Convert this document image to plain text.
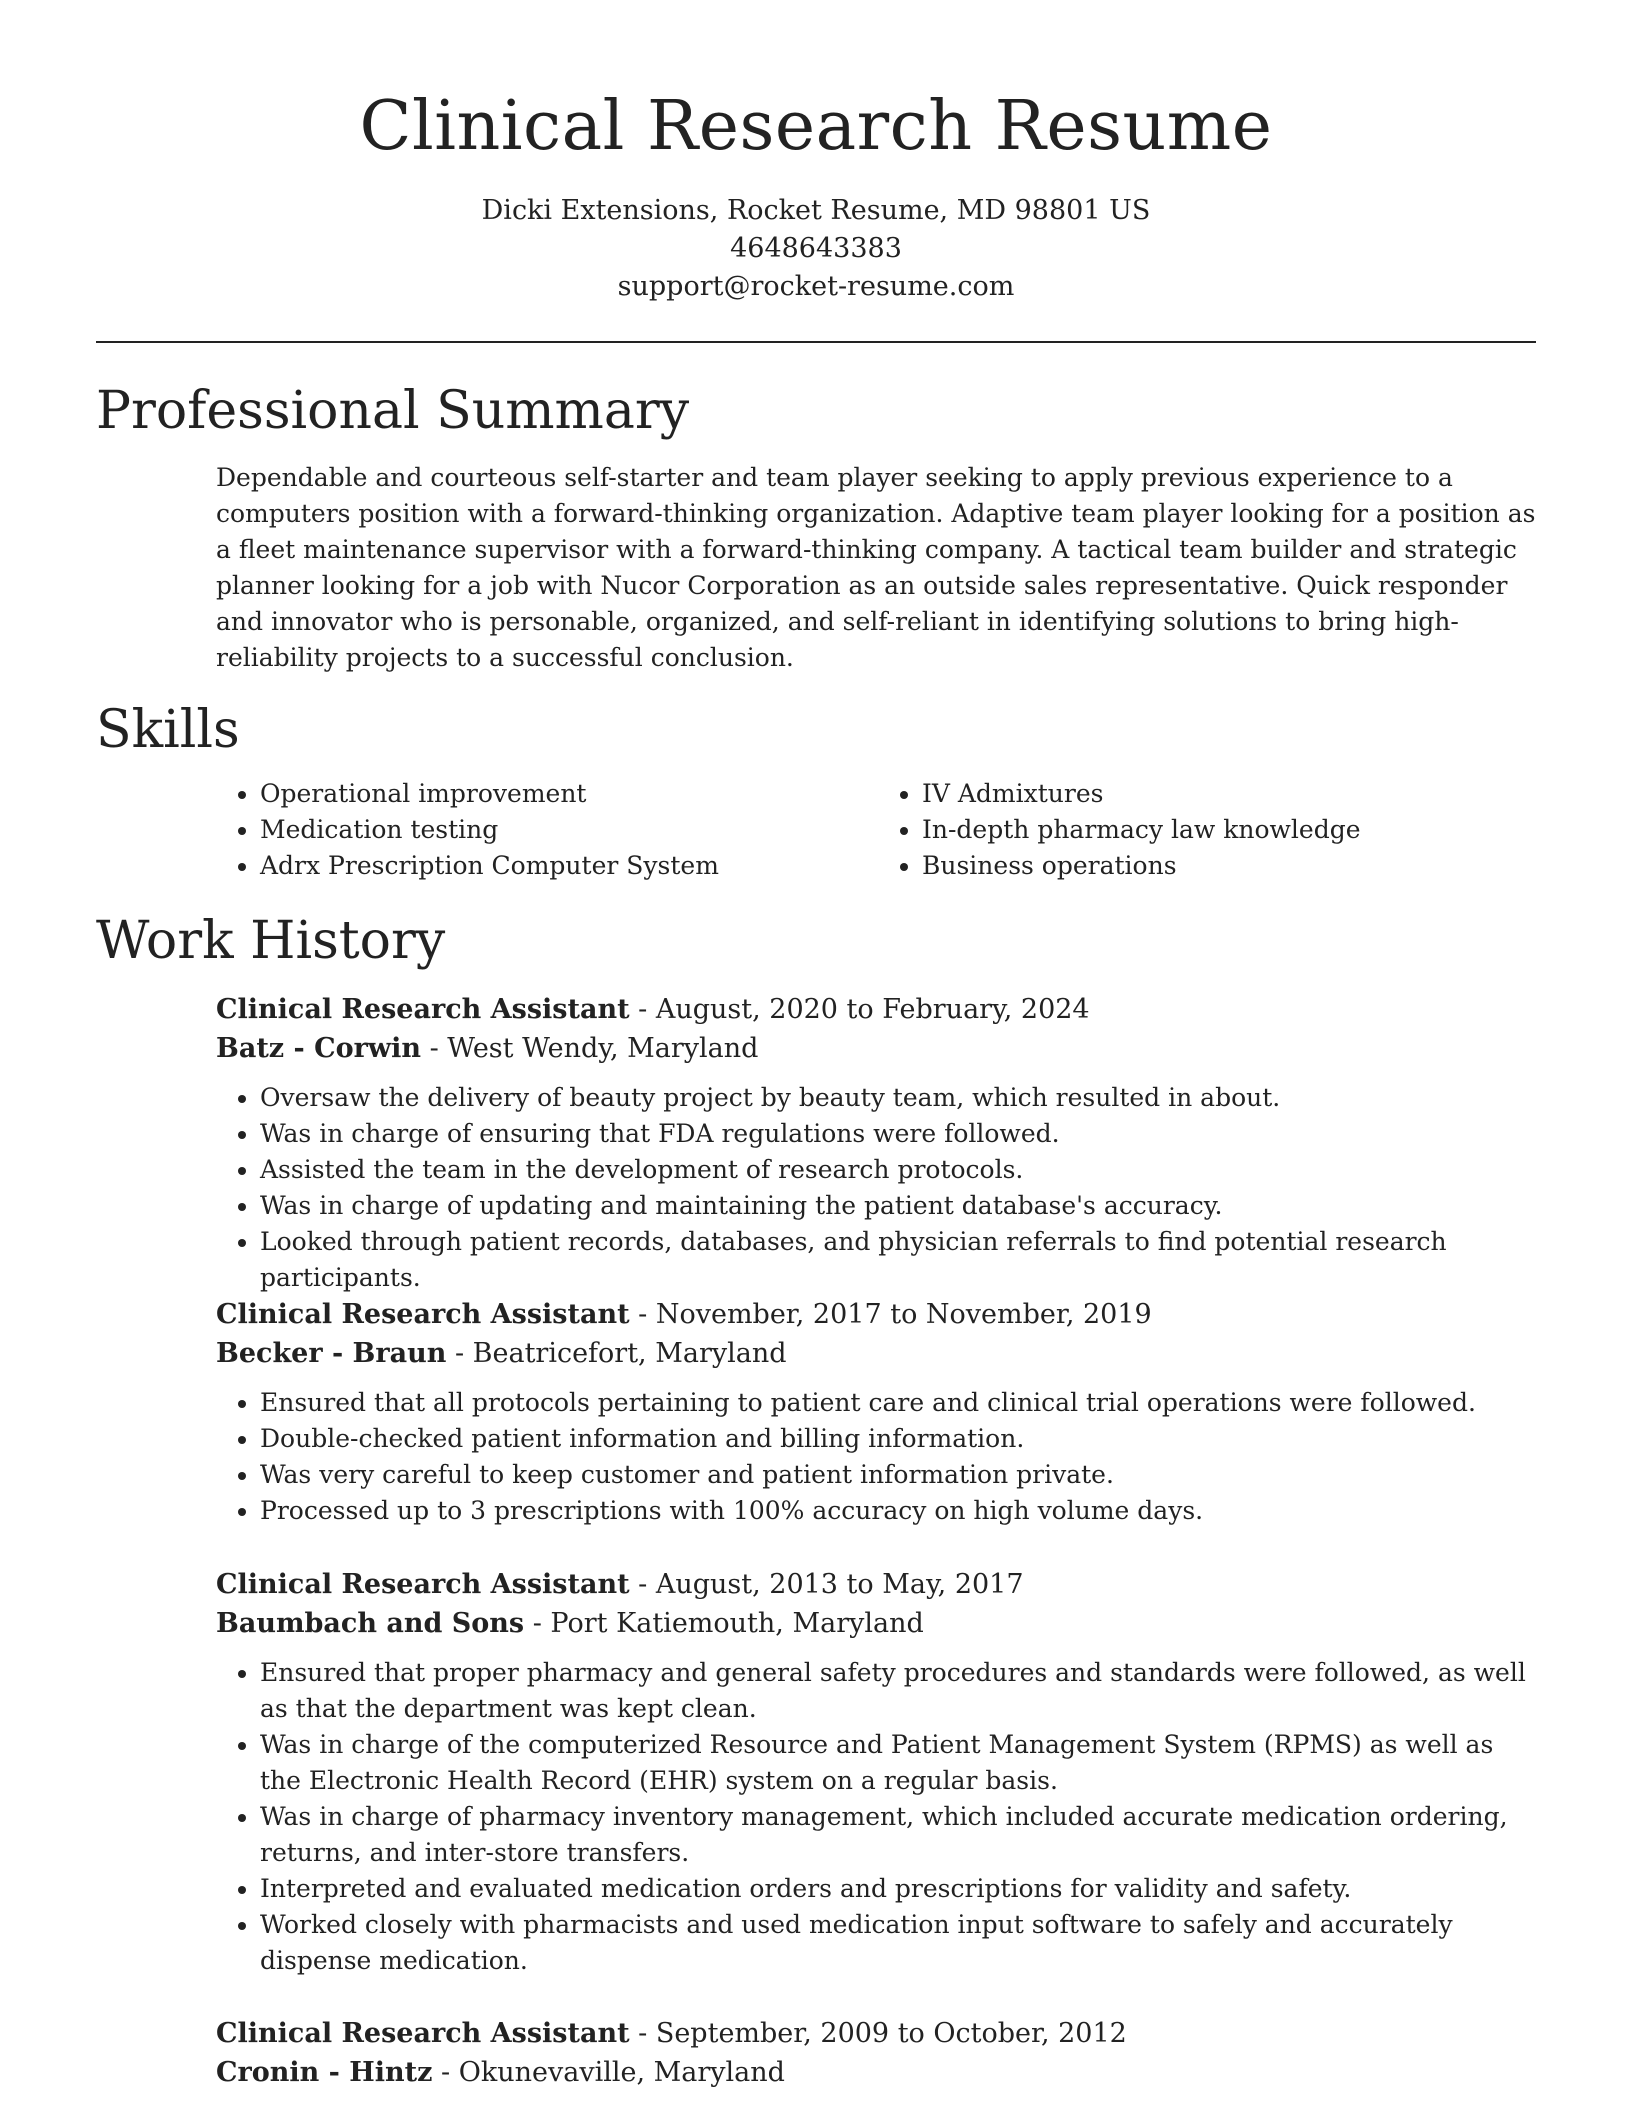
Clinical Research Resume
Dicki Extensions, Rocket Resume, MD 98801 US
4648643383
support@rocket-resume.com
Professional Summary

Dependable and courteous self-starter and team player seeking to apply previous experience to a computers position with a forward-thinking organization. Adaptive team player looking for a position as a fleet maintenance supervisor with a forward-thinking company. A tactical team builder and strategic planner looking for a job with Nucor Corporation as an outside sales representative. Quick responder and innovator who is personable, organized, and self-reliant in identifying solutions to bring high-reliability projects to a successful conclusion.

Skills
• Operational improvement
• Medication testing
• Adrx Prescription Computer System
• IV Admixtures
• In-depth pharmacy law knowledge
• Business operations
Work History
Clinical Research Assistant - August, 2020 to February, 2024
Batz - Corwin - West Wendy, Maryland
• Oversaw the delivery of beauty project by beauty team, which resulted in about.
• Was in charge of ensuring that FDA regulations were followed.
• Assisted the team in the development of research protocols.
• Was in charge of updating and maintaining the patient database's accuracy.
• Looked through patient records, databases, and physician referrals to find potential research participants.
Clinical Research Assistant - November, 2017 to November, 2019
Becker - Braun - Beatricefort, Maryland
• Ensured that all protocols pertaining to patient care and clinical trial operations were followed.
• Double-checked patient information and billing information.
• Was very careful to keep customer and patient information private.
• Processed up to 3 prescriptions with 100% accuracy on high volume days.
Clinical Research Assistant - August, 2013 to May, 2017
Baumbach and Sons - Port Katiemouth, Maryland
• Ensured that proper pharmacy and general safety procedures and standards were followed, as well as that the department was kept clean.
• Was in charge of the computerized Resource and Patient Management System (RPMS) as well as the Electronic Health Record (EHR) system on a regular basis.
• Was in charge of pharmacy inventory management, which included accurate medication ordering, returns, and inter-store transfers.
• Interpreted and evaluated medication orders and prescriptions for validity and safety.
• Worked closely with pharmacists and used medication input software to safely and accurately dispense medication.
Clinical Research Assistant - September, 2009 to October, 2012
Cronin - Hintz - Okunevaville, Maryland
